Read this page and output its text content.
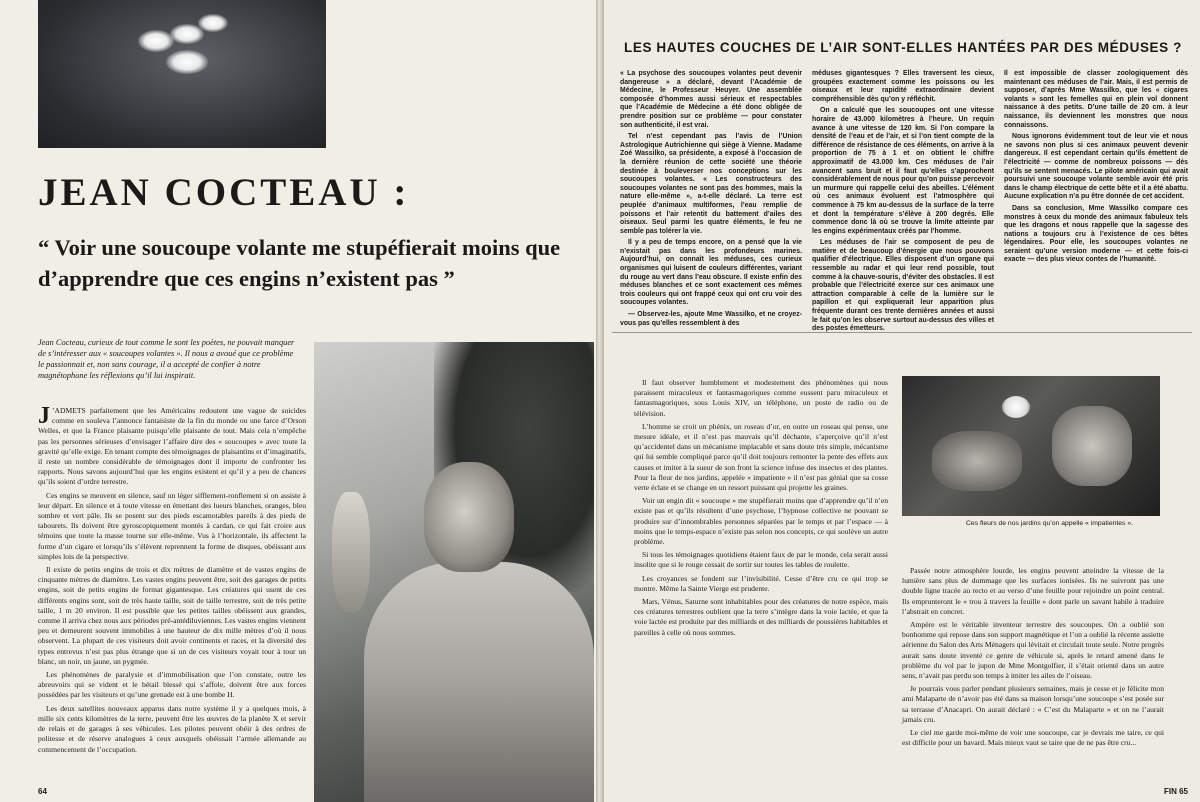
JEAN COCTEAU :
“ Voir une soucoupe volante me stupéfierait moins que d’apprendre que ces engins n’existent pas ”
Jean Cocteau, curieux de tout comme le sont les poètes, ne pouvait manquer de s’intéresser aux « soucoupes volantes ». Il nous a avoué que ce problème le passionnait et, non sans courage, il a accepté de confier à notre magnétophone les réflexions qu’il lui inspirait.

J ’ADMETS parfaitement que les Américains redoutent une vague de suicides comme en souleva l’annonce fantaisiste de la fin du monde ou une farce d’Orson Welles, et que la France plaisante puisqu’elle plaisante de tout. Mais cela n’empêche pas les personnes sérieuses d’envisager l’affaire dire des « soucoupes » avec toute la gravité qu’elle exige. En tenant compte des témoignages de plaisantins et d’imaginatifs, il reste un nombre considérable de témoignages dont il importe de confronter les rapports. Nous savons aujourd’hui que les engins existent et qu’il y a peu de chances qu’ils soient d’ordre terrestre.

Ces engins se meuvent en silence, sauf un léger sifflement-ronflement si on assiste à leur départ. En silence et à toute vitesse en émettant des lueurs blanches, oranges, bleu sombre et vert pâle. Ils se posent sur des pieds escamotables pareils à des pieds de tabourets. Ils doivent être gyroscopiquement montés à cardan, ce qui fait croire aux témoins que toute la masse tourne sur elle-même. Vus à l’horizontale, ils affectent la forme d’un cigare et lorsqu’ils s’élèvent reprennent la forme de disques, obéissant aux simples lois de la perspective.

Il existe de petits engins de trois et dix mètres de diamètre et de vastes engins de cinquante mètres de diamètre. Les vastes engins peuvent être, soit des garages de petits engins, soit de petits engins de format gigantesque. Les créatures qui usent de ces différents engins sont, soit de très haute taille, soit de taille terrestre, soit de très petite taille, 1 m 20 environ. Il est possible que les petites tailles obéissent aux grandes, comme il arriva chez nous aux périodes pré-antédiluviennes. Les vastes engins viennent peu et demeurent souvent immobiles à une hauteur de dix mille mètres d’où il nous observent. La plupart de ces visiteurs doit avoir continents et races, et la diversité des types entrevus n’est pas plus étrange que si un de ces visiteurs voyait tour à tour un blanc, un noir, un jaune, un pygmée.

Les phénomènes de paralysie et d’immobilisation que l’on constate, outre les abreuvoirs qui se vident et le bétail blessé qui s’affole, doivent être aux forces possédées par les visiteurs et qu’une grenade est à une bombe H.

Les deux satellites nouveaux apparus dans notre système il y a quelques mois, à mille six cents kilomètres de la terre, peuvent être les œuvres de la planète X et servir de relais et de garages à ses véhicules. Les pilotes peuvent obéir à des ordres de politesse et de réserve analogues à ceux auxquels obéissait l’armée allemande au commencement de l’occupation.

64
LES HAUTES COUCHES DE L’AIR SONT-ELLES HANTÉES PAR DES MÉDUSES ?

« La psychose des soucoupes volantes peut devenir dangereuse » a déclaré, devant l’Académie de Médecine, le Professeur Heuyer. Une assemblée composée d’hommes aussi sérieux et respectables que l’Académie de Médecine a été donc obligée de prendre position sur ce problème — pour constater son authenticité, il est vrai.

Tel n’est cependant pas l’avis de l’Union Astrologique Autrichienne qui siège à Vienne. Madame Zoé Wassilko, sa présidente, a exposé à l’occasion de la dernière réunion de cette société une théorie destinée à bouleverser nos conceptions sur les soucoupes volantes. « Les constructeurs des soucoupes volantes ne sont pas des hommes, mais la nature elle-même », a-t-elle déclaré. La terre est peuplée d’animaux multiformes, l’eau remplie de poissons et l’air retentit du battement d’ailes des oiseaux. Seul parmi les quatre éléments, le feu ne semble pas tolérer la vie.

Il y a peu de temps encore, on a pensé que la vie n’existait pas dans les profondeurs marines. Aujourd’hui, on connaît les méduses, ces curieux organismes qui luisent de couleurs différentes, variant du rouge au vert dans l’eau obscure. Il existe enfin des méduses blanches et ce sont exactement ces mêmes trois couleurs qui ont frappé ceux qui ont cru voir des soucoupes volantes.

— Observez-les, ajoute Mme Wassilko, et ne croyez-vous pas qu’elles ressemblent à des

méduses gigantesques ? Elles traversent les cieux, groupées exactement comme les poissons ou les oiseaux et leur rapidité extraordinaire devient compréhensible dès qu’on y réfléchit.

On a calculé que les soucoupes ont une vitesse horaire de 43.000 kilomètres à l’heure. Un requin avance à une vitesse de 120 km. Si l’on compare la densité de l’eau et de l’air, et si l’on tient compte de la différence de résistance de ces éléments, on arrive à la proportion de 75 à 1 et on obtient le chiffre approximatif de 43.000 km. Ces méduses de l’air avancent sans bruit et il faut qu’elles s’approchent considérablement de nous pour qu’on puisse percevoir un murmure qui rappelle celui des abeilles. L’élément où ces animaux évoluent est l’atmosphère qui commence à 75 km au-dessus de la surface de la terre et dont la température s’élève à 200 degrés. Elle commence donc là où se trouve la limite atteinte par les engins expérimentaux créés par l’homme.

Les méduses de l’air se composent de peu de matière et de beaucoup d’énergie que nous pouvons qualifier d’électrique. Elles disposent d’un organe qui ressemble au radar et qui leur rend possible, tout comme à la chauve-souris, d’éviter des obstacles. Il est probable que l’électricité exerce sur ces animaux une attraction comparable à celle de la lumière sur le papillon et qui expliquerait leur apparition plus fréquente durant ces trente dernières années et aussi le fait qu’on les observe surtout au-dessus des villes et des postes émetteurs.

Il est impossible de classer zoologiquement dès maintenant ces méduses de l’air. Mais, il est permis de supposer, d’après Mme Wassilko, que les « cigares volants » sont les femelles qui en plein vol donnent naissance à des petits. D’une taille de 20 cm. à leur naissance, ils deviennent les monstres que nous connaissons.

Nous ignorons évidemment tout de leur vie et nous ne savons non plus si ces animaux peuvent devenir dangereux. Il est cependant certain qu’ils émettent de l’électricité — comme de nombreux poissons — dès qu’ils se sentent menacés. Le pilote américain qui avait poursuivi une soucoupe volante semble avoir été pris dans le champ électrique de cette bête et il a été abattu. Aucune explication n’a pu être donnée de cet accident.

Dans sa conclusion, Mme Wassilko compare ces monstres à ceux du monde des animaux fabuleux tels que les dragons et nous rappelle que la sagesse des nations a toujours cru à l’existence de ces bêtes légendaires. Pour elle, les soucoupes volantes ne seraient qu’une version moderne — et cette fois-ci exacte — des plus vieux contes de l’humanité.

Il faut observer humblement et modestement des phénomènes qui nous paraissent miraculeux et fantasmagoriques comme eussent paru miraculeux et fantasmagoriques, sous Louis XIV, un téléphone, un poste de radio ou de télévision.

L’homme se croit un phénix, un roseau d’or, en outre un roseau qui pense, une mesure idéale, et il n’est pas mauvais qu’il déchante, s’aperçoive qu’il n’est qu’accidentel dans un mécanisme implacable et sans doute très simple, mécanisme qui lui semble compliqué parce qu’il doit toujours remonter la pente des effets aux causes et imiter à la sueur de son front la science infuse des insectes et des plantes. Pour la fleur de nos jardins, appelée « impatiente » il n’est pas génial que sa cosse verte éclate et se change en un ressort puissant qui projette les graines.

Voir un engin dit « soucoupe » me stupéfierait moins que d’apprendre qu’il n’en existe pas et qu’ils résultent d’une psychose, l’hypnose collective ne pouvant se produire sur d’innombrables personnes séparées par le temps et par l’espace — à moins que le temps-espace n’existe pas selon nos concepts, ce qui soulève un autre problème.

Si tous les témoignages quotidiens étaient faux de par le monde, cela serait aussi insolite que si le rouge cessait de sortir sur toutes les tables de roulette.

Les croyances se fondent sur l’invisibilité. Cesse d’être cru ce qui trop se montre. Même la Sainte Vierge est prudente.

Mars, Vénus, Saturne sont inhabitables pour des créatures de notre espèce, mais ces créatures terrestres oublient que la terre s’intègre dans la voie lactée, et que la voie lactée est produite par des milliards et des milliards de poussières habitables et pareilles à celle où nous sommes.

Ces fleurs de nos jardins qu’on appelle « impatientes ».

Passée notre atmosphère lourde, les engins peuvent atteindre la vitesse de la lumière sans plus de dommage que les surfaces ionisées. Ils ne suivront pas une double ligne tracée au recto et au verso d’une feuille pour rejoindre un point central. Ils emprunteront le « trou à travers la feuille » dont parle un savant habile à traduire l’abstrait en concret.

Ampère est le véritable inventeur terrestre des soucoupes. On a oublié son bonhomme qui repose dans son support magnétique et l’on a oublié la récente assiette aérienne du Salon des Arts Ménagers qui lévitait et circulait toute seule. Notre progrès aurait sans doute inventé ce genre de véhicule si, après le retard amené dans le problème du vol par le jupon de Mme Montgolfier, il s’était orienté dans un autre sens, n’avait pas perdu son temps à imiter les ailes de l’oiseau.

Je pourrais vous parler pendant plusieurs semaines, mais je cesse et je félicite mon ami Malaparte de n’avoir pas été dans sa maison lorsqu’une soucoupe s’est posée sur sa terrasse d’Anacapri. On aurait déclaré : « C’est du Malaparte » et on ne l’aurait jamais cru.

Le ciel me garde moi-même de voir une soucoupe, car je devrais me taire, ce qui est difficile pour un bavard. Mais mieux vaut se taire que de ne pas être cru...

FIN 65
